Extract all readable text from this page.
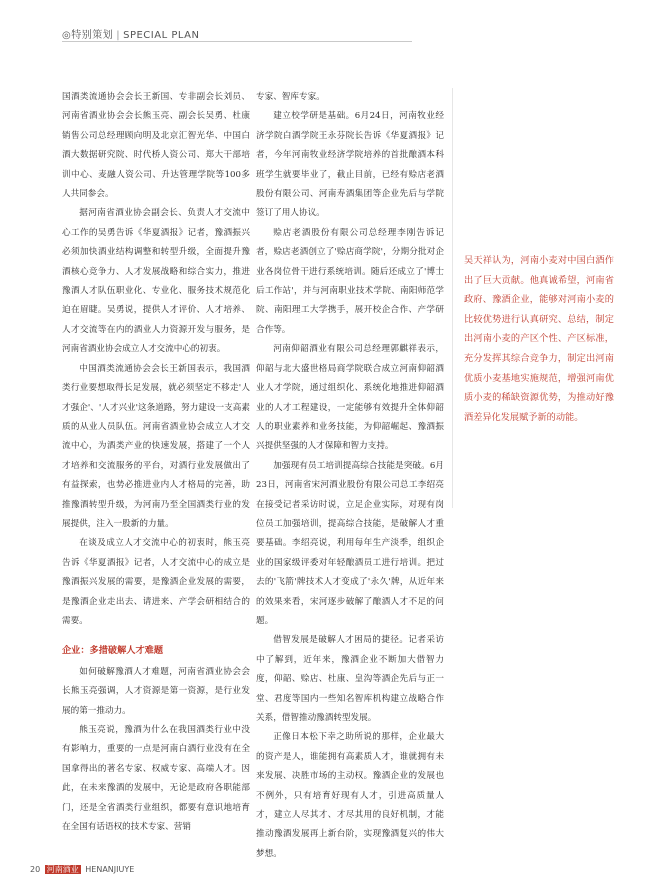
◎特别策划 | SPECIAL PLAN

国酒类流通协会会长王新国、专非副会长刘员、河南省酒业协会会长熊玉亮、副会长吴勇、杜康销售公司总经理顾向明及北京汇智光华、中国白酒大数据研究院、时代桥人资公司、郑大干部培训中心、麦融人资公司、升达管理学院等100多人共同参会。

据河南省酒业协会副会长、负责人才交流中心工作的吴勇告诉《华夏酒报》记者，豫酒振兴必须加快酒业结构调整和转型升级，全面提升豫酒核心竞争力、人才发展战略和综合实力，推进豫酒人才队伍职业化、专业化、服务技术规范化迫在眉睫。吴勇说，提供人才评价、人才培养、人才交流等在内的酒业人力资源开发与服务，是河南省酒业协会成立人才交流中心的初衷。

中国酒类流通协会会长王新国表示，我国酒类行业要想取得长足发展，就必须坚定不移走'人才强企'、'人才兴业'这条道路，努力建设一支高素质的从业人员队伍。河南省酒业协会成立人才交流中心，为酒类产业的快速发展，搭建了一个人才培养和交流服务的平台，对酒行业发展做出了有益探索，也势必推进业内人才格局的完善，助推豫酒转型升级，为河南乃至全国酒类行业的发展提供，注入一股新的力量。

在谈及成立人才交流中心的初衷时，熊玉亮告诉《华夏酒报》记者，人才交流中心的成立是豫酒振兴发展的需要，是豫酒企业发展的需要，是豫酒企业走出去、请进来、产学会研相结合的需要。

企业：多措破解人才难题

如何破解豫酒人才难题，河南省酒业协会会长熊玉亮强调，人才资源是第一资源，是行业发展的第一推动力。

熊玉亮说，豫酒为什么在我国酒类行业中没有影响力，重要的一点是河南白酒行业没有在全国拿得出的著名专家、权威专家、高端人才。因此，在未来豫酒的发展中，无论是政府各职能部门，还是全省酒类行业组织，都要有意识地培育在全国有话语权的技术专家、营销

专家、智库专家。

建立校学研是基础。6月24日，河南牧业经济学院白酒学院王永芬院长告诉《华夏酒报》记者，今年河南牧业经济学院培养的首批酿酒本科班学生就要毕业了，截止目前，已经有赊店老酒股份有限公司、河南寿酒集团等企业先后与学院签订了用人协议。

赊店老酒股份有限公司总经理李刚告诉记者，赊店老酒创立了'赊店商学院'，分期分批对企业各岗位骨干进行系统培训。随后还成立了'博士后工作站'，并与河南职业技术学院、南阳师范学院、南阳理工大学携手，展开校企合作、产学研合作等。

河南仰韶酒业有限公司总经理郭麒祥表示，仰韶与北大盛世格局商学院联合成立河南仰韶酒业人才学院，通过组织化、系统化地推进仰韶酒业的人才工程建设，一定能够有效提升全体仰韶人的职业素养和业务技能，为仰韶崛起、豫酒振兴提供坚强的人才保障和智力支持。

加强现有员工培训提高综合技能是突破。6月23日，河南省宋河酒业股份有限公司总工李绍亮在接受记者采访时说，立足企业实际，对现有岗位员工加强培训，提高综合技能，是破解人才重要基础。李绍亮说，利用每年生产淡季，组织企业的国家级评委对年轻酿酒员工进行培训。把过去的'飞箭'牌技术人才变成了'永久'牌，从近年来的效果来看，宋河逐步破解了酿酒人才不足的问题。

借智发展是破解人才困局的捷径。记者采访中了解到，近年来，豫酒企业不断加大借智力度，仰韶、赊店、杜康、皇沟等酒企先后与正一堂、君度等国内一些知名智库机构建立战略合作关系，借智推动豫酒转型发展。

正像日本松下幸之助所说的那样，企业最大的资产是人，谁能拥有高素质人才，谁就拥有未来发展、决胜市场的主动权。豫酒企业的发展也不例外，只有培育好现有人才，引进高质量人才，建立人尽其才、才尽其用的良好机制，才能推动豫酒发展再上新台阶，实现豫酒复兴的伟大梦想。

吴天祥认为，河南小麦对中国白酒作出了巨大贡献。他真诚希望，河南省政府、豫酒企业，能够对河南小麦的比较优势进行认真研究、总结，制定出河南小麦的产区个性、产区标准，充分发挥其综合竞争力，制定出河南优质小麦基地实施规范，增强河南优质小麦的稀缺资源优势，为推动好豫酒差异化发展赋予新的动能。
20 河南酒业 HENANJIUYE
